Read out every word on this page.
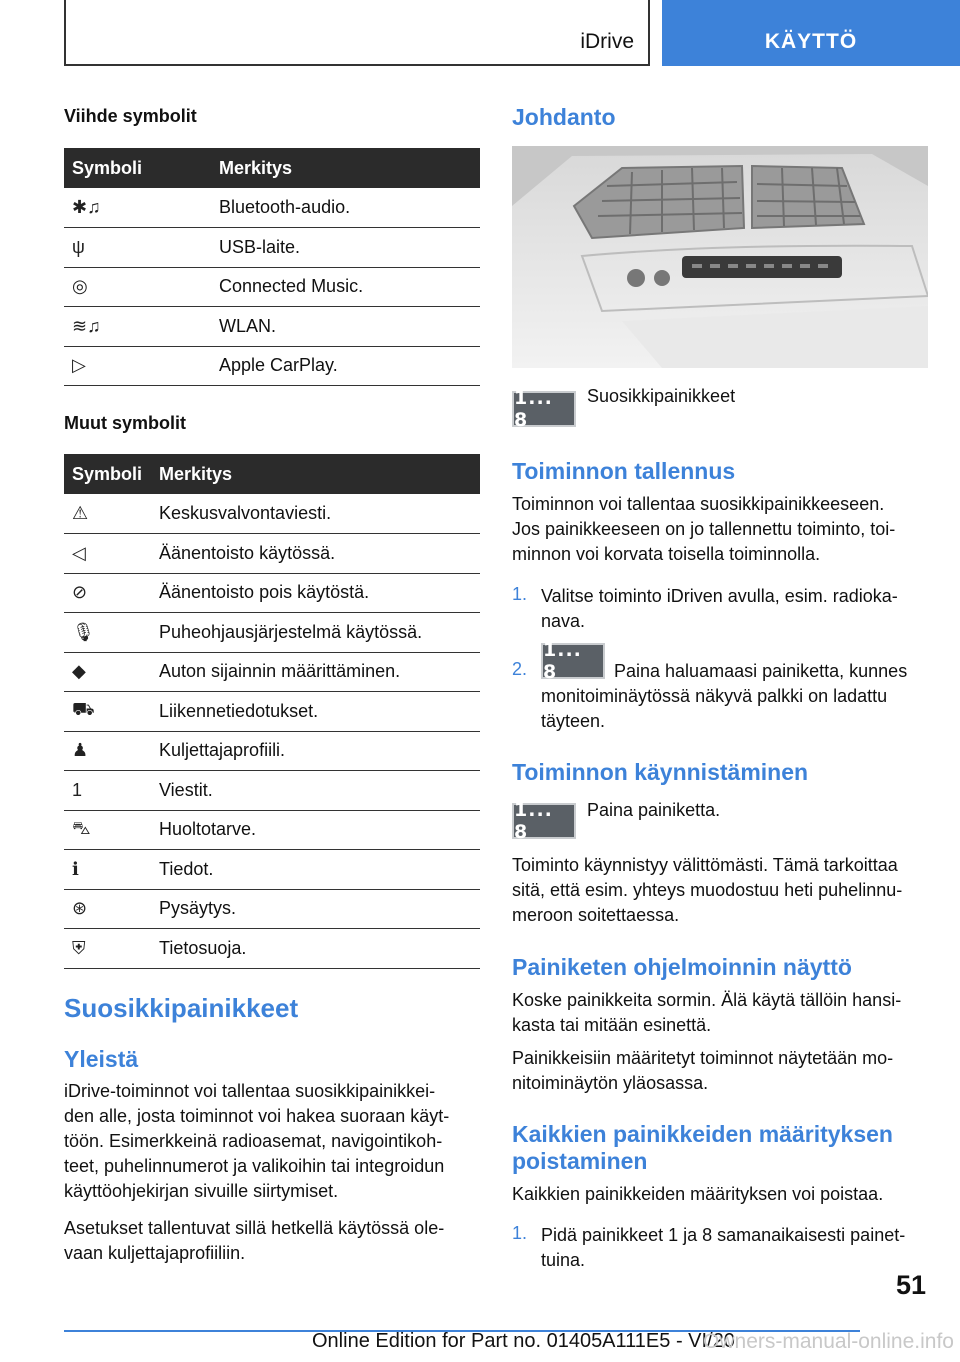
iDrive	KÄYTTÖ
Viihde symbolit
Symboli	Merkitys
✱♫	Bluetooth-audio.
ψ	USB-laite.
◎	Connected Music.
≋♫	WLAN.
▷	Apple CarPlay.
Muut symbolit
Symboli	Merkitys
⚠	Keskusvalvontaviesti.
◁	Äänentoisto käytössä.
⊘	Äänentoisto pois käytöstä.
🎙	Puheohjausjärjestelmä käytössä.
◆	Auton sijainnin määrittäminen.
⛟	Liikennetiedotukset.
♟	Kuljettajaprofiili.
1	Viestit.
⛍	Huoltotarve.
ℹ	Tiedot.
⊛	Pysäytys.
⛨	Tietosuoja.
Suosikkipainikkeet
Yleistä
iDrive-toiminnot voi tallentaa suosikkipainikkei-
den alle, josta toiminnot voi hakea suoraan käyt-
töön. Esimerkkeinä radioasemat, navigointikoh-
teet, puhelinnumerot ja valikoihin tai integroidun
käyttöohjekirjan sivuille siirtymiset.
Asetukset tallentuvat sillä hetkellä käytössä ole-
vaan kuljettajaprofiiliin.
Johdanto
1... 8
Suosikkipainikkeet
Toiminnon tallennus
Toiminnon voi tallentaa suosikkipainikkeeseen.
Jos painikkeeseen on jo tallennettu toiminto, toi-
minnon voi korvata toisella toiminnolla.
1. Valitse toiminto iDriven avulla, esim. radioka-
nava.
2.
1... 8	Paina haluamaasi painiketta, kunnes
monitoiminäytössä näkyvä palkki on ladattu
täyteen.
Toiminnon käynnistäminen
1... 8
Paina painiketta.
Toiminto käynnistyy välittömästi. Tämä tarkoittaa
sitä, että esim. yhteys muodostuu heti puhelinnu-
meroon soitettaessa.
Painiketen ohjelmoinnin näyttö
Koske painikkeita sormin. Älä käytä tällöin hansi-
kasta tai mitään esinettä.
Painikkeisiin määritetyt toiminnot näytetään mo-
nitoiminäytön yläosassa.
Kaikkien painikkeiden määrityksen
poistaminen
Kaikkien painikkeiden määrityksen voi poistaa.
1. Pidä painikkeet 1 ja 8 samanaikaisesti painet-
tuina.
51
Online Edition for Part no. 01405A111E5 - VI/20
Owners-manual-online.info
